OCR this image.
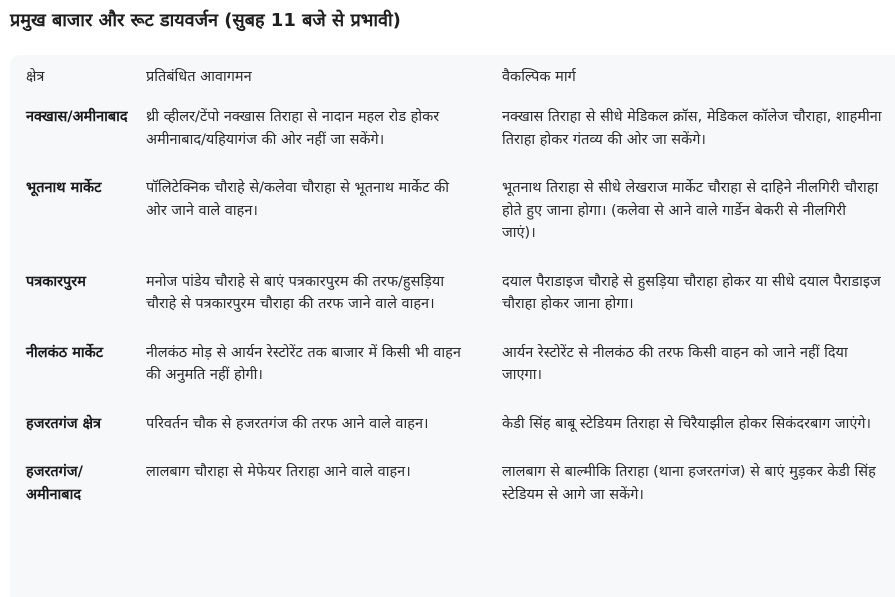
प्रमुख बाजार और रूट डायवर्जन (सुबह 11 बजे से प्रभावी)
क्षेत्र	प्रतिबंधित आवागमन	वैकल्पिक मार्ग
नक्खास/अमीनाबाद	थ्री व्हीलर/टेंपो नक्खास तिराहा से नादान महल रोड होकर अमीनाबाद/यहियागंज की ओर नहीं जा सकेंगे।	नक्खास तिराहा से सीधे मेडिकल क्रॉस, मेडिकल कॉलेज चौराहा, शाहमीना तिराहा होकर गंतव्य की ओर जा सकेंगे।
भूतनाथ मार्केट	पॉलिटेक्निक चौराहे से/कलेवा चौराहा से भूतनाथ मार्केट की ओर जाने वाले वाहन।	भूतनाथ तिराहा से सीधे लेखराज मार्केट चौराहा से दाहिने नीलगिरी चौराहा होते हुए जाना होगा। (कलेवा से आने वाले गार्डेन बेकरी से नीलगिरी जाएं)।
पत्रकारपुरम	मनोज पांडेय चौराहे से बाएं पत्रकारपुरम की तरफ/हुसड़िया चौराहे से पत्रकारपुरम चौराहा की तरफ जाने वाले वाहन।	दयाल पैराडाइज चौराहे से हुसड़िया चौराहा होकर या सीधे दयाल पैराडाइज चौराहा होकर जाना होगा।
नीलकंठ मार्केट	नीलकंठ मोड़ से आर्यन रेस्टोरेंट तक बाजार में किसी भी वाहन की अनुमति नहीं होगी।	आर्यन रेस्टोरेंट से नीलकंठ की तरफ किसी वाहन को जाने नहीं दिया जाएगा।
हजरतगंज क्षेत्र	परिवर्तन चौक से हजरतगंज की तरफ आने वाले वाहन।	केडी सिंह बाबू स्टेडियम तिराहा से चिरैयाझील होकर सिकंदरबाग जाएंगे।
हजरतगंज/अमीनाबाद	लालबाग चौराहा से मेफेयर तिराहा आने वाले वाहन।	लालबाग से बाल्मीकि तिराहा (थाना हजरतगंज) से बाएं मुड़कर केडी सिंह स्टेडियम से आगे जा सकेंगे।
